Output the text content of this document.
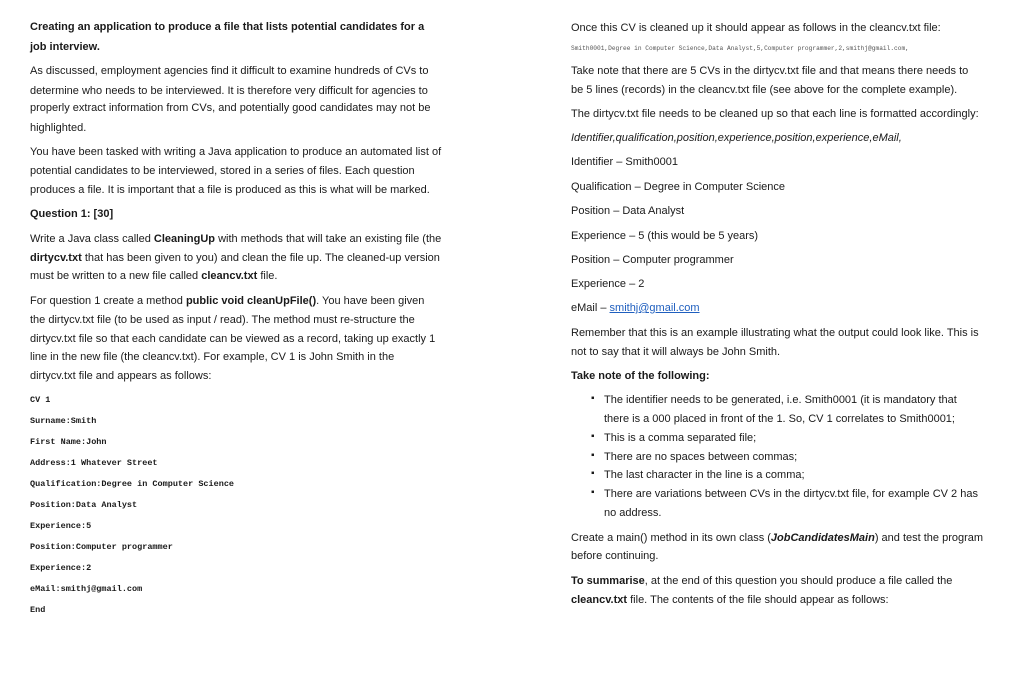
Creating an application to produce a file that lists potential candidates for a
job interview.
As discussed, employment agencies find it difficult to examine hundreds of CVs to
determine who needs to be interviewed. It is therefore very difficult for agencies to
properly extract information from CVs, and potentially good candidates may not be
highlighted.
You have been tasked with writing a Java application to produce an automated list of
potential candidates to be interviewed, stored in a series of files. Each question
produces a file. It is important that a file is produced as this is what will be marked.
Question 1: [30]
Write a Java class called CleaningUp with methods that will take an existing file (the
dirtycv.txt that has been given to you) and clean the file up. The cleaned-up version
must be written to a new file called cleancv.txt file.
For question 1 create a method public void cleanUpFile(). You have been given
the dirtycv.txt file (to be used as input / read). The method must re-structure the
dirtycv.txt file so that each candidate can be viewed as a record, taking up exactly 1
line in the new file (the cleancv.txt). For example, CV 1 is John Smith in the
dirtycv.txt file and appears as follows:
CV 1
Surname:Smith
First Name:John
Address:1 Whatever Street
Qualification:Degree in Computer Science
Position:Data Analyst
Experience:5
Position:Computer programmer
Experience:2
eMail:smithj@gmail.com
End
Once this CV is cleaned up it should appear as follows in the cleancv.txt file:
Smith0001,Degree in Computer Science,Data Analyst,5,Computer programmer,2,smithj@gmail.com,
Take note that there are 5 CVs in the dirtycv.txt file and that means there needs to
be 5 lines (records) in the cleancv.txt file (see above for the complete example).
The dirtycv.txt file needs to be cleaned up so that each line is formatted accordingly:
Identifier,qualification,position,experience,position,experience,eMail,
Identifier – Smith0001
Qualification – Degree in Computer Science
Position – Data Analyst
Experience – 5 (this would be 5 years)
Position – Computer programmer
Experience – 2
eMail – smithj@gmail.com
Remember that this is an example illustrating what the output could look like. This is
not to say that it will always be John Smith.
Take note of the following:
▪ The identifier needs to be generated, i.e. Smith0001 (it is mandatory that
there is a 000 placed in front of the 1. So, CV 1 correlates to Smith0001;
▪ This is a comma separated file;
▪ There are no spaces between commas;
▪ The last character in the line is a comma;
▪ There are variations between CVs in the dirtycv.txt file, for example CV 2 has
no address.
Create a main() method in its own class (JobCandidatesMain) and test the program
before continuing.
To summarise, at the end of this question you should produce a file called the
cleancv.txt file. The contents of the file should appear as follows:
